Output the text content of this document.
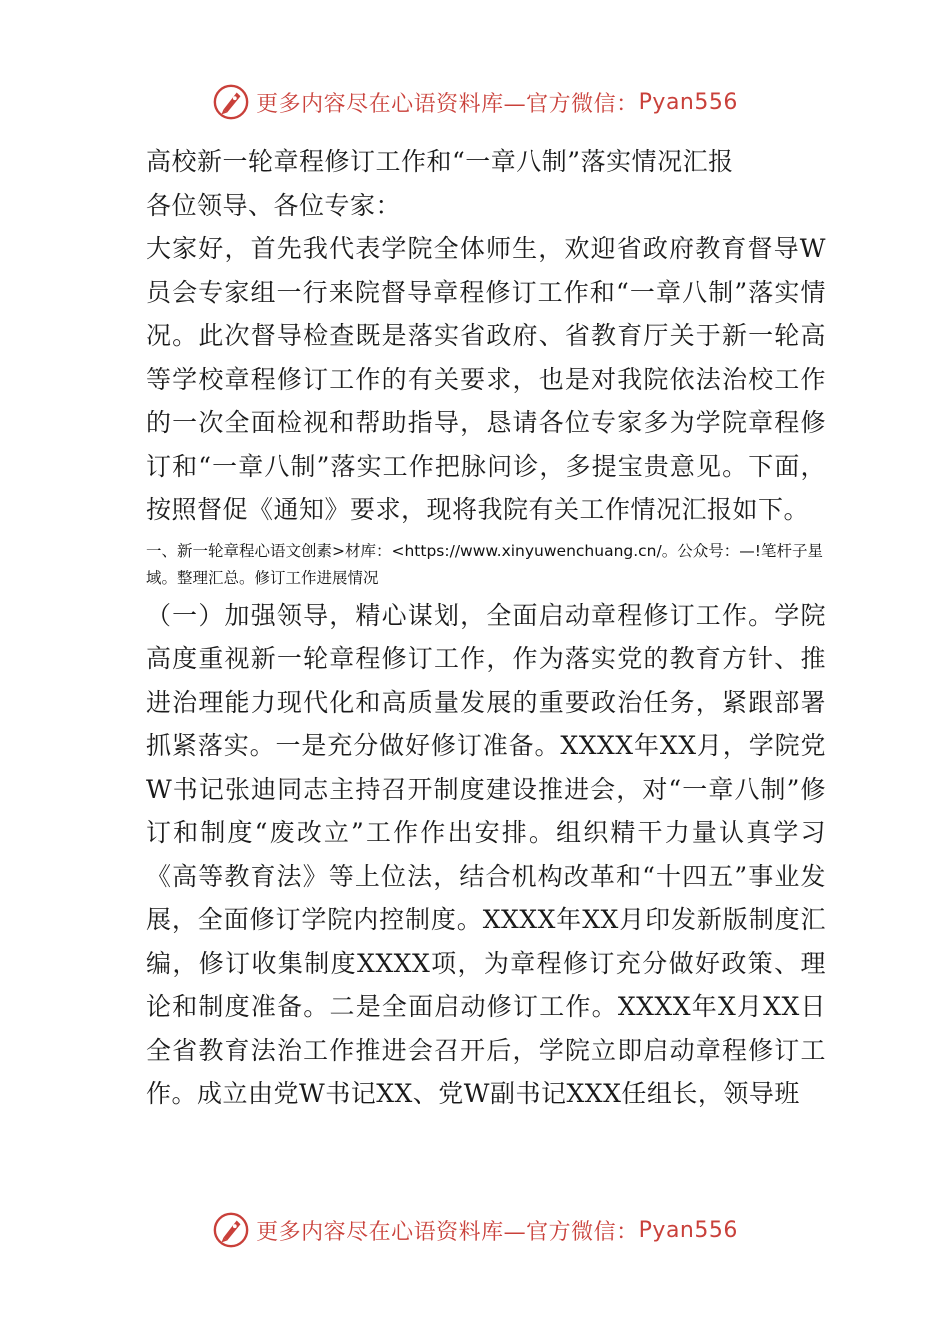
更多内容尽在心语资料库—官方微信： Pyan556

高校新一轮章程修订工作和“一章八制”落实情况汇报

各位领导、各位专家：

大家好，首先我代表学院全体师生，欢迎省政府教育督导W员会专家组一行来院督导章程修订工作和“一章八制”落实情况。此次督导检查既是落实省政府、省教育厅关于新一轮高等学校章程修订工作的有关要求，也是对我院依法治校工作的一次全面检视和帮助指导，恳请各位专家多为学院章程修订和“一章八制”落实工作把脉问诊，多提宝贵意见。下面，按照督促《通知》要求，现将我院有关工作情况汇报如下。

一、新一轮章程心语文创素>材库：<https://www.xinyuwenchuang.cn/。公众号：—!笔杆子星域。整理汇总。修订工作进展情况

（一）加强领导，精心谋划，全面启动章程修订工作。学院高度重视新一轮章程修订工作，作为落实党的教育方针、推进治理能力现代化和高质量发展的重要政治任务，紧跟部署抓紧落实。一是充分做好修订准备。XXXX年XX月，学院党W书记张迪同志主持召开制度建设推进会，对“一章八制”修订和制度“废改立”工作作出安排。组织精干力量认真学习《高等教育法》等上位法，结合机构改革和“十四五”事业发展，全面修订学院内控制度。XXXX年XX月印发新版制度汇编，修订收集制度XXXX项，为章程修订充分做好政策、理论和制度准备。二是全面启动修订工作。XXXX年X月XX日全省教育法治工作推进会召开后，学院立即启动章程修订工作。成立由党W书记XX、党W副书记XXX任组长，领导班

更多内容尽在心语资料库—官方微信： Pyan556
